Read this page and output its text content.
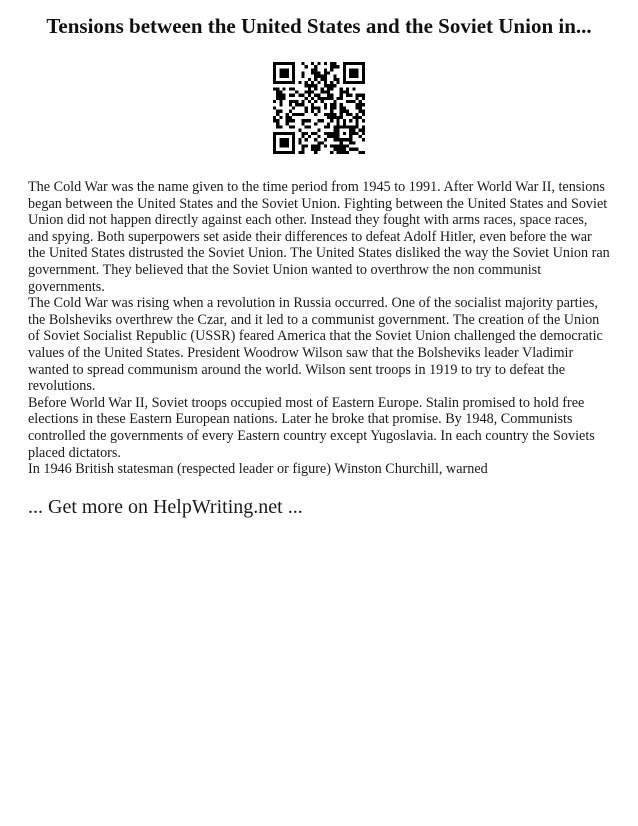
Tensions between the United States and the Soviet Union in...

The Cold War was the name given to the time period from 1945 to 1991. After World War II, tensions began between the United States and the Soviet Union. Fighting between the United States and Soviet Union did not happen directly against each other. Instead they fought with arms races, space races, and spying. Both superpowers set aside their differences to defeat Adolf Hitler, even before the war the United States distrusted the Soviet Union. The United States disliked the way the Soviet Union ran government. They believed that the Soviet Union wanted to overthrow the non communist governments.

The Cold War was rising when a revolution in Russia occurred. One of the socialist majority parties, the Bolsheviks overthrew the Czar, and it led to a communist government. The creation of the Union of Soviet Socialist Republic (USSR) feared America that the Soviet Union challenged the democratic values of the United States. President Woodrow Wilson saw that the Bolsheviks leader Vladimir wanted to spread communism around the world. Wilson sent troops in 1919 to try to defeat the revolutions.

Before World War II, Soviet troops occupied most of Eastern Europe. Stalin promised to hold free elections in these Eastern European nations. Later he broke that promise. By 1948, Communists controlled the governments of every Eastern country except Yugoslavia. In each country the Soviets placed dictators.

In 1946 British statesman (respected leader or figure) Winston Churchill, warned

... Get more on HelpWriting.net ...
